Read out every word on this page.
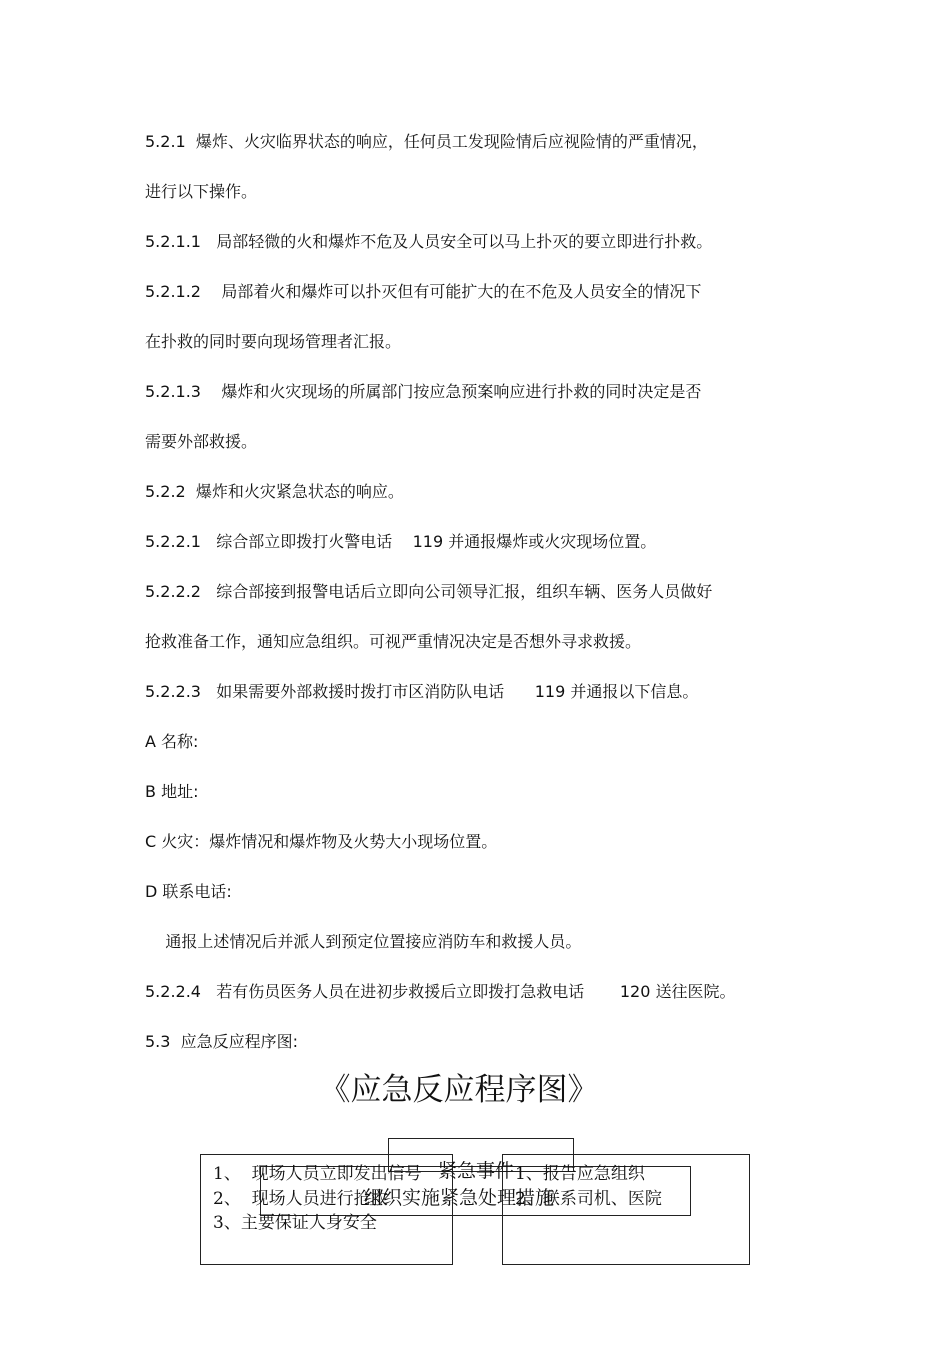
5.2.1  爆炸、火灾临界状态的响应，任何员工发现险情后应视险情的严重情况，
进行以下操作。
5.2.1.1   局部轻微的火和爆炸不危及人员安全可以马上扑灭的要立即进行扑救。
5.2.1.2    局部着火和爆炸可以扑灭但有可能扩大的在不危及人员安全的情况下
在扑救的同时要向现场管理者汇报。
5.2.1.3    爆炸和火灾现场的所属部门按应急预案响应进行扑救的同时决定是否
需要外部救援。
5.2.2  爆炸和火灾紧急状态的响应。
5.2.2.1   综合部立即拨打火警电话    119 并通报爆炸或火灾现场位置。
5.2.2.2   综合部接到报警电话后立即向公司领导汇报，组织车辆、医务人员做好
抢救准备工作，通知应急组织。可视严重情况决定是否想外寻求救援。
5.2.2.3   如果需要外部救援时拨打市区消防队电话      119 并通报以下信息。
A 名称:
B 地址:
C 火灾：爆炸情况和爆炸物及火势大小现场位置。
D 联系电话:
通报上述情况后并派人到预定位置接应消防车和救援人员。
5.2.2.4   若有伤员医务人员在进初步救援后立即拨打急救电话       120 送往医院。
5.3  应急反应程序图:
《应急反应程序图》
1、  现场人员立即发出信号
2、  现场人员进行抢救
3、主要保证人身安全
紧急事件
组织实施紧急处理措施
1、报告应急组织
2、联系司机、医院
